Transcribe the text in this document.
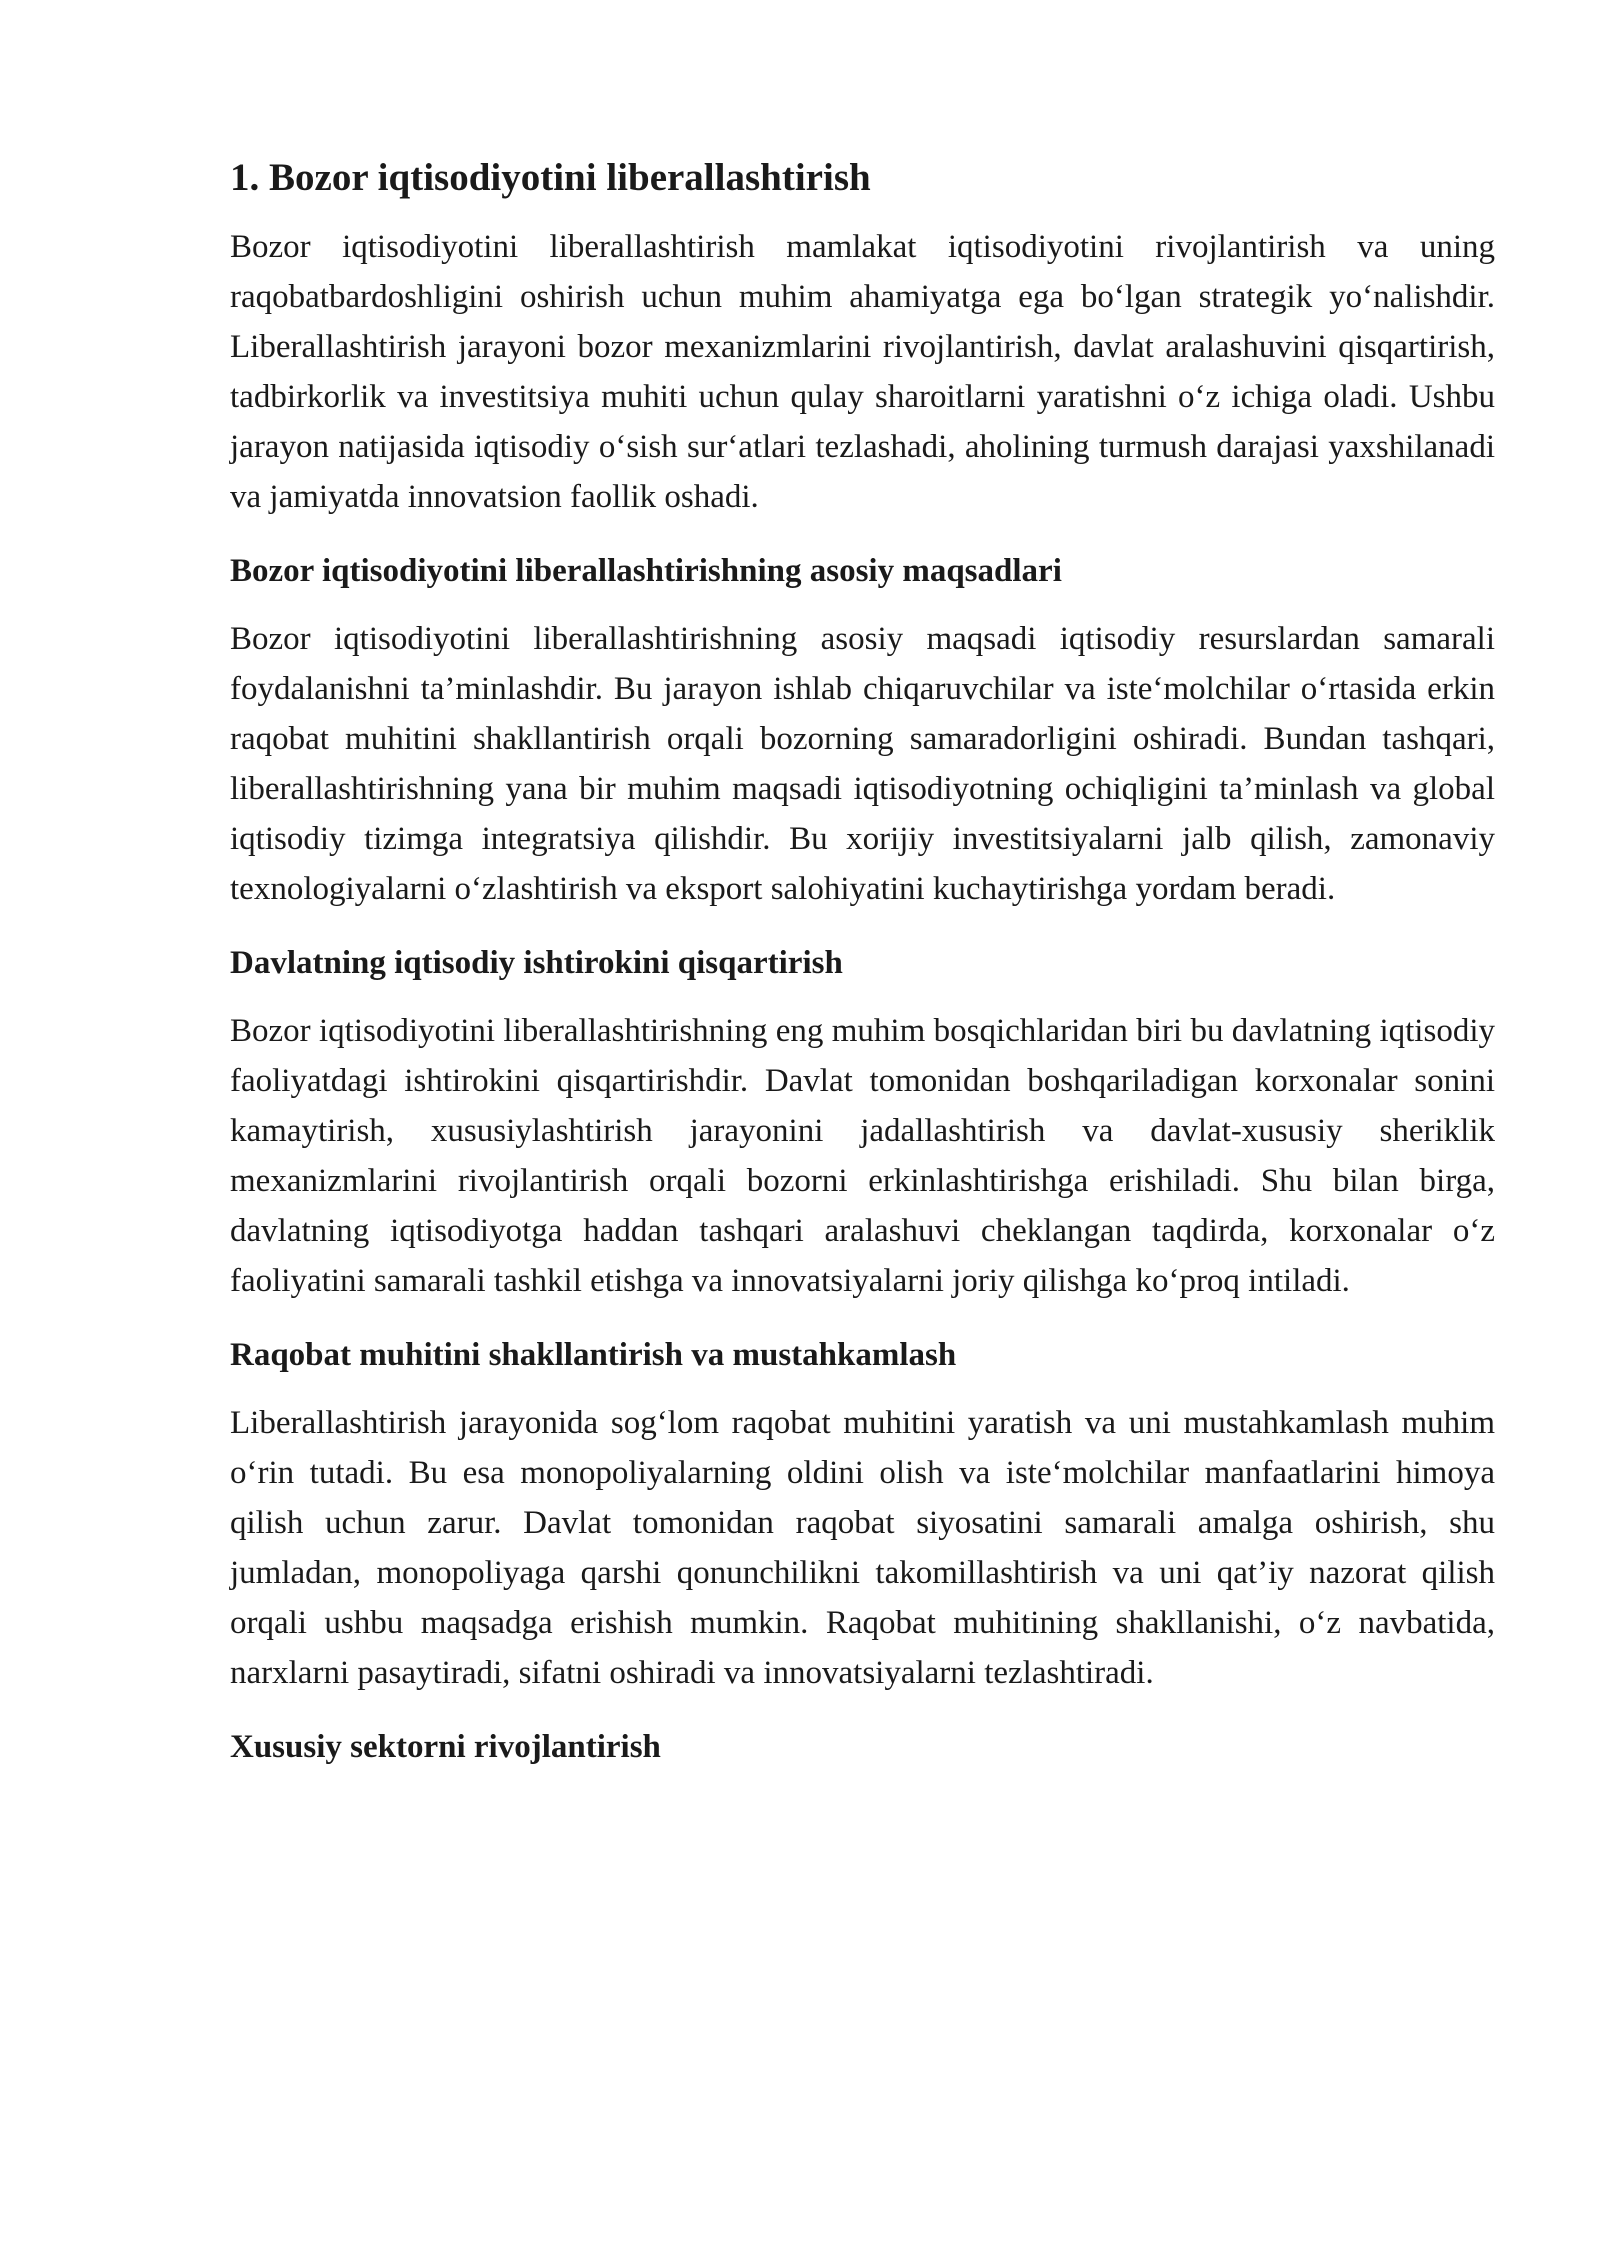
1. Bozor iqtisodiyotini liberallashtirish

Bozor iqtisodiyotini liberallashtirish mamlakat iqtisodiyotini rivojlantirish va uning raqobatbardoshligini oshirish uchun muhim ahamiyatga ega bo‘lgan strategik yo‘nalishdir. Liberallashtirish jarayoni bozor mexanizmlarini rivojlantirish, davlat aralashuvini qisqartirish, tadbirkorlik va investitsiya muhiti uchun qulay sharoitlarni yaratishni o‘z ichiga oladi. Ushbu jarayon natijasida iqtisodiy o‘sish sur‘atlari tezlashadi, aholining turmush darajasi yaxshilanadi va jamiyatda innovatsion faollik oshadi.

Bozor iqtisodiyotini liberallashtirishning asosiy maqsadlari

Bozor iqtisodiyotini liberallashtirishning asosiy maqsadi iqtisodiy resurslardan samarali foydalanishni ta’minlashdir. Bu jarayon ishlab chiqaruvchilar va iste‘molchilar o‘rtasida erkin raqobat muhitini shakllantirish orqali bozorning samaradorligini oshiradi. Bundan tashqari, liberallashtirishning yana bir muhim maqsadi iqtisodiyotning ochiqligini ta’minlash va global iqtisodiy tizimga integratsiya qilishdir. Bu xorijiy investitsiyalarni jalb qilish, zamonaviy texnologiyalarni o‘zlashtirish va eksport salohiyatini kuchaytirishga yordam beradi.

Davlatning iqtisodiy ishtirokini qisqartirish

Bozor iqtisodiyotini liberallashtirishning eng muhim bosqichlaridan biri bu davlatning iqtisodiy faoliyatdagi ishtirokini qisqartirishdir. Davlat tomonidan boshqariladigan korxonalar sonini kamaytirish, xususiylashtirish jarayonini jadallashtirish va davlat-xususiy sheriklik mexanizmlarini rivojlantirish orqali bozorni erkinlashtirishga erishiladi. Shu bilan birga, davlatning iqtisodiyotga haddan tashqari aralashuvi cheklangan taqdirda, korxonalar o‘z faoliyatini samarali tashkil etishga va innovatsiyalarni joriy qilishga ko‘proq intiladi.

Raqobat muhitini shakllantirish va mustahkamlash

Liberallashtirish jarayonida sog‘lom raqobat muhitini yaratish va uni mustahkamlash muhim o‘rin tutadi. Bu esa monopoliyalarning oldini olish va iste‘molchilar manfaatlarini himoya qilish uchun zarur. Davlat tomonidan raqobat siyosatini samarali amalga oshirish, shu jumladan, monopoliyaga qarshi qonunchilikni takomillashtirish va uni qat’iy nazorat qilish orqali ushbu maqsadga erishish mumkin. Raqobat muhitining shakllanishi, o‘z navbatida, narxlarni pasaytiradi, sifatni oshiradi va innovatsiyalarni tezlashtiradi.

Xususiy sektorni rivojlantirish
